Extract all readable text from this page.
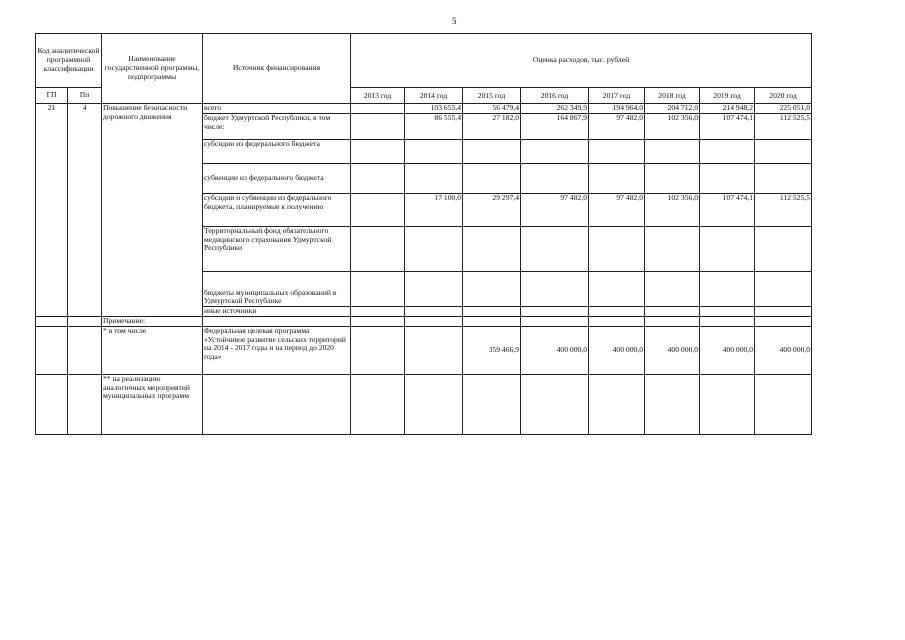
5
Код аналитической программной классификации		Наименование государственной программы, подпрограммы	Источник финансирования	Оценка расходов, тыс. рублей							
ГП	Пп			2013 год	2014 год	2015 год	2016 год	2017 год	2018 год	2019 год	2020 год

21	4	Повышение безопасности дорожного движения	всего		103 655,4	56 479,4	262 349,9	194 964,0	204 712,0	214 948,2	225 051,0
			бюджет Удмуртской Республики, в том числе:		86 555,4	27 182,0	164 867,9	97 482,0	102 356,0	107 474,1	112 525,5
			субсидии из федерального бюджета								
			субвенции из федерального бюджета								
			субсидии и субвенции из федерального бюджета, планируемые к получению		17 100,0	29 297,4	97 482,0	97 482,0	102 356,0	107 474,1	112 525,5
			Территориальный фонд обязательного медицинского страхования Удмуртской Республики								
			бюджеты муниципальных образований в Удмуртской Республике								
			иные источники								
		Примечание:									
		* в том числе	Федеральная целевая программа «Устойчивое развитие сельских территорий на 2014 - 2017 годы и на период до 2020 года»			359 466,9	400 000,0	400 000,0	400 000,0	400 000,0	400 000,0
		** на реализацию аналогичных мероприятий муниципальных программ									
